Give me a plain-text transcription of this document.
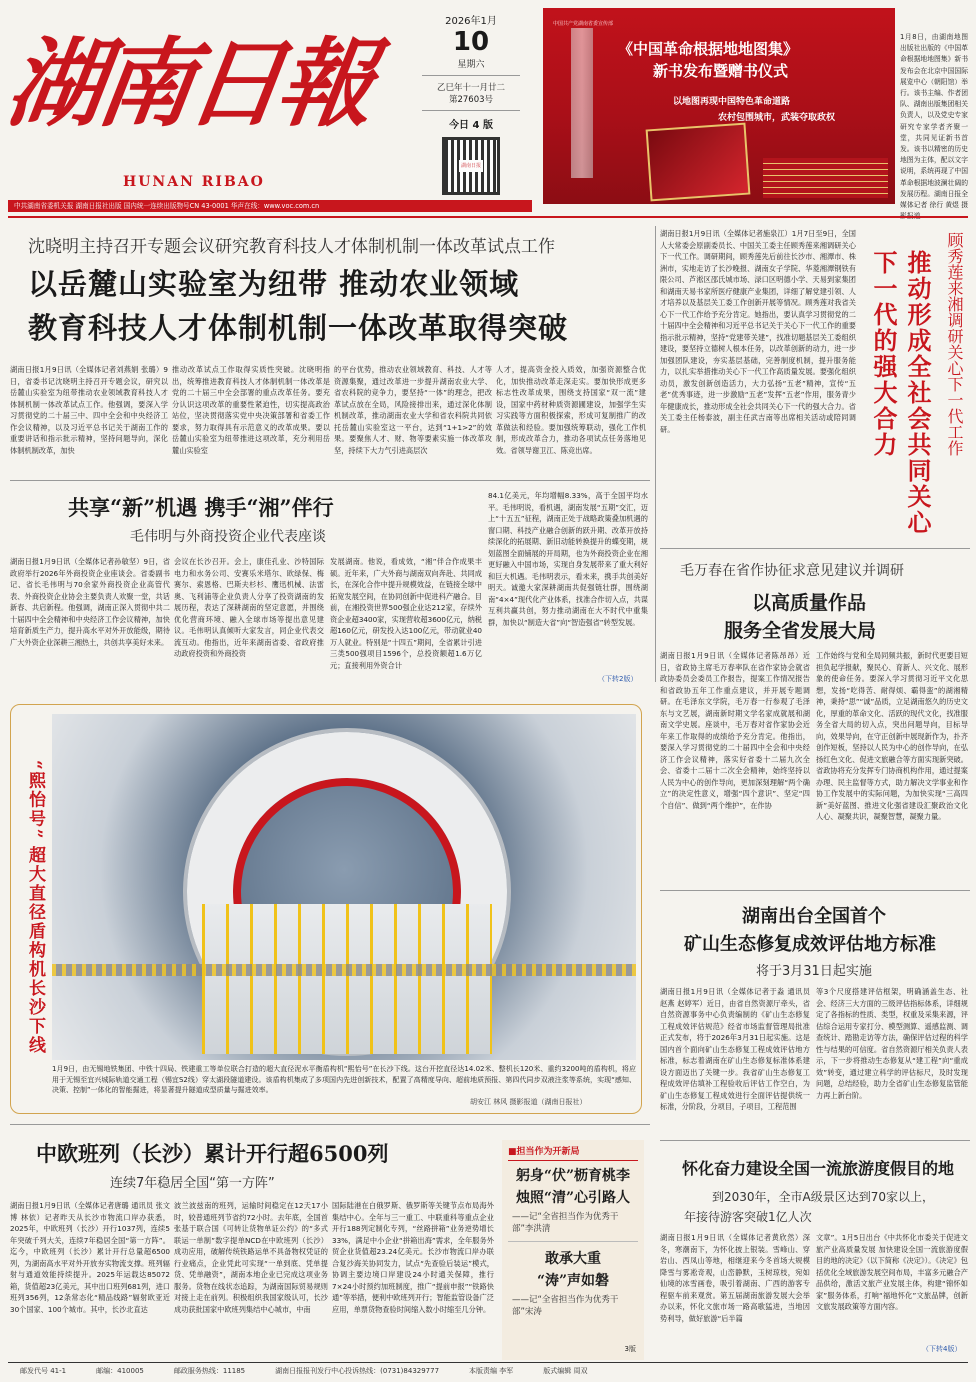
湖南日報
HUNAN RIBAO
2026年1月
10
星期六
乙巳年十一月廿二
第27603号
今日 4 版
湖南日报
中共湖南省委机关报 湖南日报社出版 国内统一连续出版物号CN 43-0001 华声在线：www.voc.com.cn
中国共产党湖南省委宣传部
《中国革命根据地地图集》
新书发布暨赠书仪式
以地图再现中国特色革命道路
农村包围城市，武装夺取政权
1月8日，由湖南地图出版社出版的《中国革命根据地地图集》新书发布会在北京中国国际展览中心（朝阳馆）举行。该书主编、作者团队、湖南出版集团相关负责人，以及党史专家研究专家学者齐聚一堂，共同见证新书首发。该书以精密的历史地图为主体，配以文字说明，系统再现了中国革命根据地波澜壮阔的发展历程。湖南日报全媒体记者 徐行 黄煜 摄
沈晓明主持召开专题会议研究教育科技人才体制机制一体改革试点工作
以岳麓山实验室为纽带 推动农业领域
教育科技人才体制机制一体改革取得突破
湖南日报1月9日讯（全媒体记者刘燕娟 张璐）9日，省委书记沈晓明主持召开专题会议，研究以岳麓山实验室为纽带推动农业领域教育科技人才体制机制一体改革试点工作。他强调，要深入学习贯彻党的二十届三中、四中全会和中央经济工作会议精神，以及习近平总书记关于湖南工作的重要讲话和指示批示精神，坚持问题导向，深化体制机制改革，加快
推动改革试点工作取得实质性突破。沈晓明指出，统筹推进教育科技人才体制机制一体改革是党的二十届三中全会部署的重点改革任务。要充分认识这项改革的重要性紧迫性，切实提高政治站位，坚决贯彻落实党中央决策部署和省委工作要求，努力取得具有示范意义的改革成果。要以岳麓山实验室为纽带推进这项改革，充分利用岳麓山实验室
的平台优势，推动农业领域教育、科技、人才等资源集聚，通过改革进一步提升湖南农业大学、省农科院的竞争力，要坚持“一体”的理念，把改革试点放在全局，风险接排出来，通过深化体制机制改革，推动湖南农业大学和省农科院共同依托岳麓山实验室这一平台，达到“1+1>2”的效果。要聚焦人才、财、物等要素实施一体改革攻坚，持续下大力气引进高层次
人才，提高资金投入质效，加强资源整合优化，加快推动改革走深走实。要加快形成更多标志性改革成果，围绕支持国家“双一流”建设，国家中药材种质资源圃建设，加强学生实习实践等方面积极探索，形成可复制推广的改革做法和经验。要加强统筹联动，强化工作机制，形成改革合力，推动各项试点任务落地见效。省领导谢卫江、陈竞出席。
湖南日报1月9日讯（全媒体记者施泉江）1月7日至9日，全国人大常委会原副委员长、中国关工委主任顾秀莲来湘调研关心下一代工作。调研期间，顾秀莲先后前往长沙市、湘潭市、株洲市，实地走访了长沙晚报、湖南女子学院、华菱湘潭钢铁有限公司、芦淞区邵氏城市场、渌口区明德小学、天易到家集团和湖南天易书家所医疗健康产业集团，详细了解党建引领、人才培养以及基层关工委工作创新开展等情况。顾秀莲对我省关心下一代工作给予充分肯定。她指出，要认真学习贯彻党的二十届四中全会精神和习近平总书记关于关心下一代工作的重要指示批示精神，坚持“党建带关建”，找准切题基层关工委组织建设，要坚持立德树人根本任务，以改革创新的动力，进一步加强团队建设，夯实基层基础，完善制度机制，提升服务能力，以扎实举措推动关心下一代工作高质量发展。要强化组织动员，激发创新创造活力，大力弘扬“五老”精神，宣传“五老”优秀事迹，进一步激励“五老”发挥“五老”作用，服务青少年健康成长，推动形成全社会共同关心下一代的强大合力。省关工委主任杨泰波，副主任武吉南等出席相关活动或陪同调研。	推动形成全社会共同关心下一代的强大合力	顾秀莲来湘调研关心下一代工作
毛万春在省作协征求意见建议并调研
以高质量作品
服务全省发展大局
湖南日报1月9日讯（全媒体记者陈昂昂）近日，省政协主席毛万春率队在省作家协会就省政协委员会委员工作报告，提案工作情况报告和省政协五年工作重点建议，并开展专题调研。在毛泽东文学院，毛万春一行参观了毛泽东与文艺展，湖南新时期文学名家成就展和湖南文学史展。座谈中，毛万春对省作家协会近年来工作取得的成绩给予充分肯定。他指出，要深入学习贯彻党的二十届四中全会和中央经济工作会议精神，落实好省委十二届九次全会、省委十二届十二次全会精神，始终坚持以人民为中心的创作导向，更加深刻理解“两个确立”的决定性意义，增强“四个意识”、坚定“四个自信”、做到“两个维护”，在作协
工作始终与党和全局同频共振，新时代更要目短担负起学报献，聚民心、育新人、兴文化、展形象的使命任务。要深入学习贯彻习近平文化思想，发扬“吃得苦、耐得烦、霸得蛮”的湖湘精神，秉持“思”“诚”品质，立足湖南悠久的历史文化，厚重的革命文化、活跃的现代文化，找准服务全省大局的切入点，突出问题导向，目标导向，效果导向，在守正创新中展现新作为，扑齐创作短板，坚持以人民为中心的创作导向，在弘扬红色文化、促进文旅融合等方面实现新突破。省政协将充分发挥专门协商机构作用，通过提案办理、民主监督等方式，助力解决文学事业和作协工作发展中的实际问题，为加快实现“三高四新”美好蓝图、推进文化强省建设汇聚政治文化人心、凝聚共识，凝聚智慧，凝聚力量。
共享“新”机遇 携手“湘”伴行
毛伟明与外商投资企业代表座谈
湖南日报1月9日讯（全媒体记者孙敏坚）9日，省政府举行2026年外商投资企业座谈会。省委副书记、省长毛伟明与70余家外商投资企业高管代表、外商投资企业协会主要负责人欢聚一堂，共话新春、共启新程。他强调，湖南正深入贯彻中共二十届四中全会精神和中央经济工作会议精神，加快培育新质生产力，提升高水平对外开放能级，期待广大外资企业深耕三湘热土，共创共享美好未来。
会议在长沙召开。会上，康佳孔业、沙特国际电力和水务公司、安赛乐米塔尔、欧绿保、梅赛尔、索恩格、巴斯夫杉杉、鹰迅机械、法雷奥、飞利浦等企业负责人分享了投资湖南的发展历程，表达了深耕湖南的坚定意愿，并围绕优化营商环境、融入全球市场等提出意见建议。毛伟明认真倾听大家发言，同企业代表交流互动。他指出，近年来湖南省委、省政府推动政府投资和外商投资
发展湖南。他说，看成效，“湘”伴合作成果丰硕。近年来，广大外商与湖南双向奔赴、共同成长，在深化合作中提升规模效益，在链接全球中拓宽发展空间，在协同创新中促进科产融合。目前，在湘投资世界500强企业达212家，存续外资企业超3400家，实现营收超3600亿元，纳税超160亿元，研发投入达100亿元，带动就业40万人就业。特别是“十四五”期间，全省累计引进三类500强项目1596个，总投资额超1.6万亿元；直接利用外资合计
84.1亿美元，年均增幅8.33%，高于全国平均水平。毛伟明说，看机遇，湖南发展“五期”交汇，迈上“十五五”征程，湖南正处于战略政策叠加机遇的窗口期、科技产业融合创新的跃升期、改革开放持续深化的拓展期、新旧动能转换提升的蝶变期，规划蓝图全面铺展的开局期，也为外商投资企业在湘更好融入中国市场，实现自身发展带来了重大利好和巨大机遇。毛伟明表示，看未来，携手共创美好明天。诚邀大家深耕湖南共促强链壮群，围绕湖南“4×4”现代化产业体系，找准合作切入点，共谋互利共赢共创，努力推动湖南在大不时代中重集群，加快以“制造大省”向“智造强省”转型发展。
（下转2版）
“熙怡号”
超大直径盾构机长沙下线
1月9日，由无锡地铁集团、中铁十四局、铁建重工等单位联合打造的超大直径泥水平衡盾构机“熙怡号”在长沙下线。这台开挖直径达14.02米、整机长120米、重约3200吨的盾构机，将应用于无锡至宜兴城际轨道交通工程（锡宜S2线）穿太湖段隧道建设。该盾构机集成了多项国内先进创新技术，配置了高精度导向、超前地质预报、第四代同步双液注浆等系统，实现“感知、决策、控制”一体化的智能掘进，将显著提升隧道成型质量与掘进效率。
胡安江 林风 摄影报道（湖南日报社）
湖南出台全国首个
矿山生态修复成效评估地方标准
将于3月31日起实施
湖南日报1月9日讯（全媒体记者于淼 通讯员 赵燕 赵婷军）近日，由省自然资源厅牵头，省自然资源事务中心负责编制的《矿山生态修复工程成效评估规范》经省市场监督管理局批准正式发布，将于2026年3月31日起实施。这是国内首个面向矿山生态修复工程成效评估地方标准，标志着湖南在矿山生态修复标准体系建设方面迈出了关键一步。我省矿山生态修复工程成效评估填补工程验收后评估工作空白，为矿山生态修复工程成效进行全面评估提供统一标准，分阶段，分项目，子项目，工程范围
等3个尺度搭建评估框架，明确涵盖生态、社会、经济三大方面的三级评估指标体系，详细规定了各指标的性质、类型，权重及采集来源，评估综合运用专家打分、模型测算、遥感监测、调查统计、踏勘走访等方法，确保评估过程的科学性与结果的可信度。省自然资源厅相关负责人表示，下一步将推动生态修复从“建工程”向“重成效”转变，通过建立科学的评估标尺，及时发现问题，总结经验，助力全省矿山生态修复监管能力再上新台阶。
中欧班列（长沙）累计开行超6500列
连续7年稳居全国“第一方阵”
湖南日报1月9日讯（全媒体记者唐璐 通讯员 张文博 林依）记者昨天从长沙市物流口岸办获悉，2025年，中欧班列（长沙）开行1037列，连续5年突破千列大关，连续7年稳居全国“第一方阵”。迄今，中欧班列（长沙）累计开行总量超6500列，为湖南高水平对外开放夯实物流支撑。班列辐射与通道效能持续提升。2025年运载达85072箱，货值超23亿美元，其中出口班列681列，进口班列356列，12条常态化“精品线路”辐射欧亚近30个国家、100个城市。其中，长沙北直达
波兰波兹南的班列，运输时间稳定在12天17小时，较普通班列节省约72小时。去年底，全国首张基于联合国《可转让货物单证公约》的“多式联运一单制”数字提单NCD在中欧班列（长沙）成功应用，破解传统铁路运单不具备物权凭证的行业痛点，企业凭此可实现“一单到底、凭单提货、凭单融资”，湖南本地企业已完成这项业务服务。货物在线状态追踪，为湖南国际贸易规则对接上走在前列。积极组织我国家级认可，长沙成功获批国家中欧班列集结中心城市，中南
国际陆港在白俄罗斯、俄罗斯等关键节点布局海外集结中心。全年与三一重工、中联重科等重点企业开行188列定制化专列，“丝路拼箱”业务逆势增长33%，满足中小企业“拼箱出海”需求，全年服务外贸企业货值超23.24亿美元。长沙市物流口岸办联合复沙海关协同发力，试点“先查验后装运”模式，协调主要边境口岸建设24小时通关保障，推行7×24小时预约加班制度，推广“提前申报”“铁路快通”等举措，便利中欧班列开行；智能监管设备广泛应用，单票货物查验时间缩入数小时缩至几分钟。
■担当作为开新局
躬身“伏”枥育桃李
烛照“清”心引路人
——记“全省担当作为优秀干部”李洪清
敢承大重
“涛”声如磐
——记“全省担当作为优秀干部”宋涛
3版
怀化奋力建设全国一流旅游度假目的地
到2030年，全市A级景区达到70家以上，
年接待游客突破1亿人次
湖南日报1月9日讯（全媒体记者黄欣然）深冬，寒潮南下，为怀化披上银装。雪峰山、穿岩山、西凤山等地，相继迎来今冬首场大规模降雪与雾凇奇观，山峦静默，玉树琼枝，宛如仙境的冰雪画卷，吸引着湖南、广西的游客专程驱车前来观赏。第五届湖南旅游发展大会举办以来，怀化文旅市场一路高歌猛进，当地因势利导，做好旅游“后半篇
文章”。1月5日出台《中共怀化市委关于促进文旅产业高质量发展 加快建设全国一流旅游度假目的地的决定》（以下简称《决定》）。《决定》包括优化全域旅游发展空间布局，丰富多元融合产品供给，激活文旅产业发展主体，构建“锦怀如家”服务体系，打响“福地怀化”文旅品牌，创新文旅发展政策等方面内容。
（下转4版）
邮发代号 41-1	邮编：410005	邮政服务热线：11185	湖南日报报刊发行中心投诉热线：(0731)84329777	本版责编 李军	版式编辑 周双
